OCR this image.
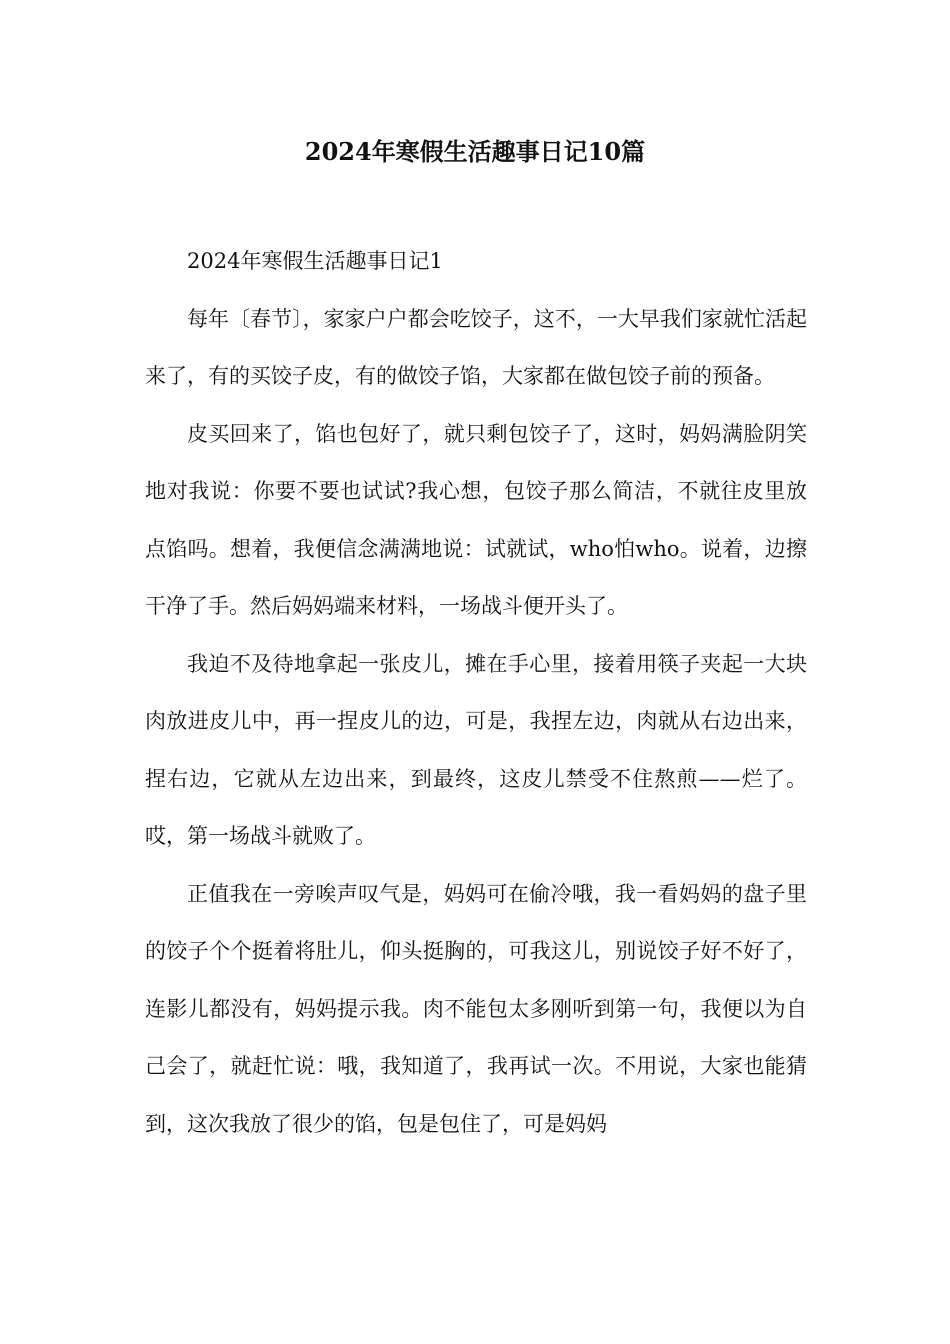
2024年寒假生活趣事日记10篇

2024年寒假生活趣事日记1

每年〔春节〕，家家户户都会吃饺子，这不，一大早我们家就忙活起来了，有的买饺子皮，有的做饺子馅，大家都在做包饺子前的预备。

皮买回来了，馅也包好了，就只剩包饺子了，这时，妈妈满脸阴笑地对我说：你要不要也试试?我心想，包饺子那么简洁，不就往皮里放点馅吗。想着，我便信念满满地说：试就试，who怕who。说着，边擦干净了手。然后妈妈端来材料，一场战斗便开头了。

我迫不及待地拿起一张皮儿，摊在手心里，接着用筷子夹起一大块肉放进皮儿中，再一捏皮儿的边，可是，我捏左边，肉就从右边出来，捏右边，它就从左边出来，到最终，这皮儿禁受不住熬煎——烂了。哎，第一场战斗就败了。

正值我在一旁唉声叹气是，妈妈可在偷冷哦，我一看妈妈的盘子里的饺子个个挺着将肚儿，仰头挺胸的，可我这儿，别说饺子好不好了，连影儿都没有，妈妈提示我。肉不能包太多刚听到第一句，我便以为自己会了，就赶忙说：哦，我知道了，我再试一次。不用说，大家也能猜到，这次我放了很少的馅，包是包住了，可是妈妈
